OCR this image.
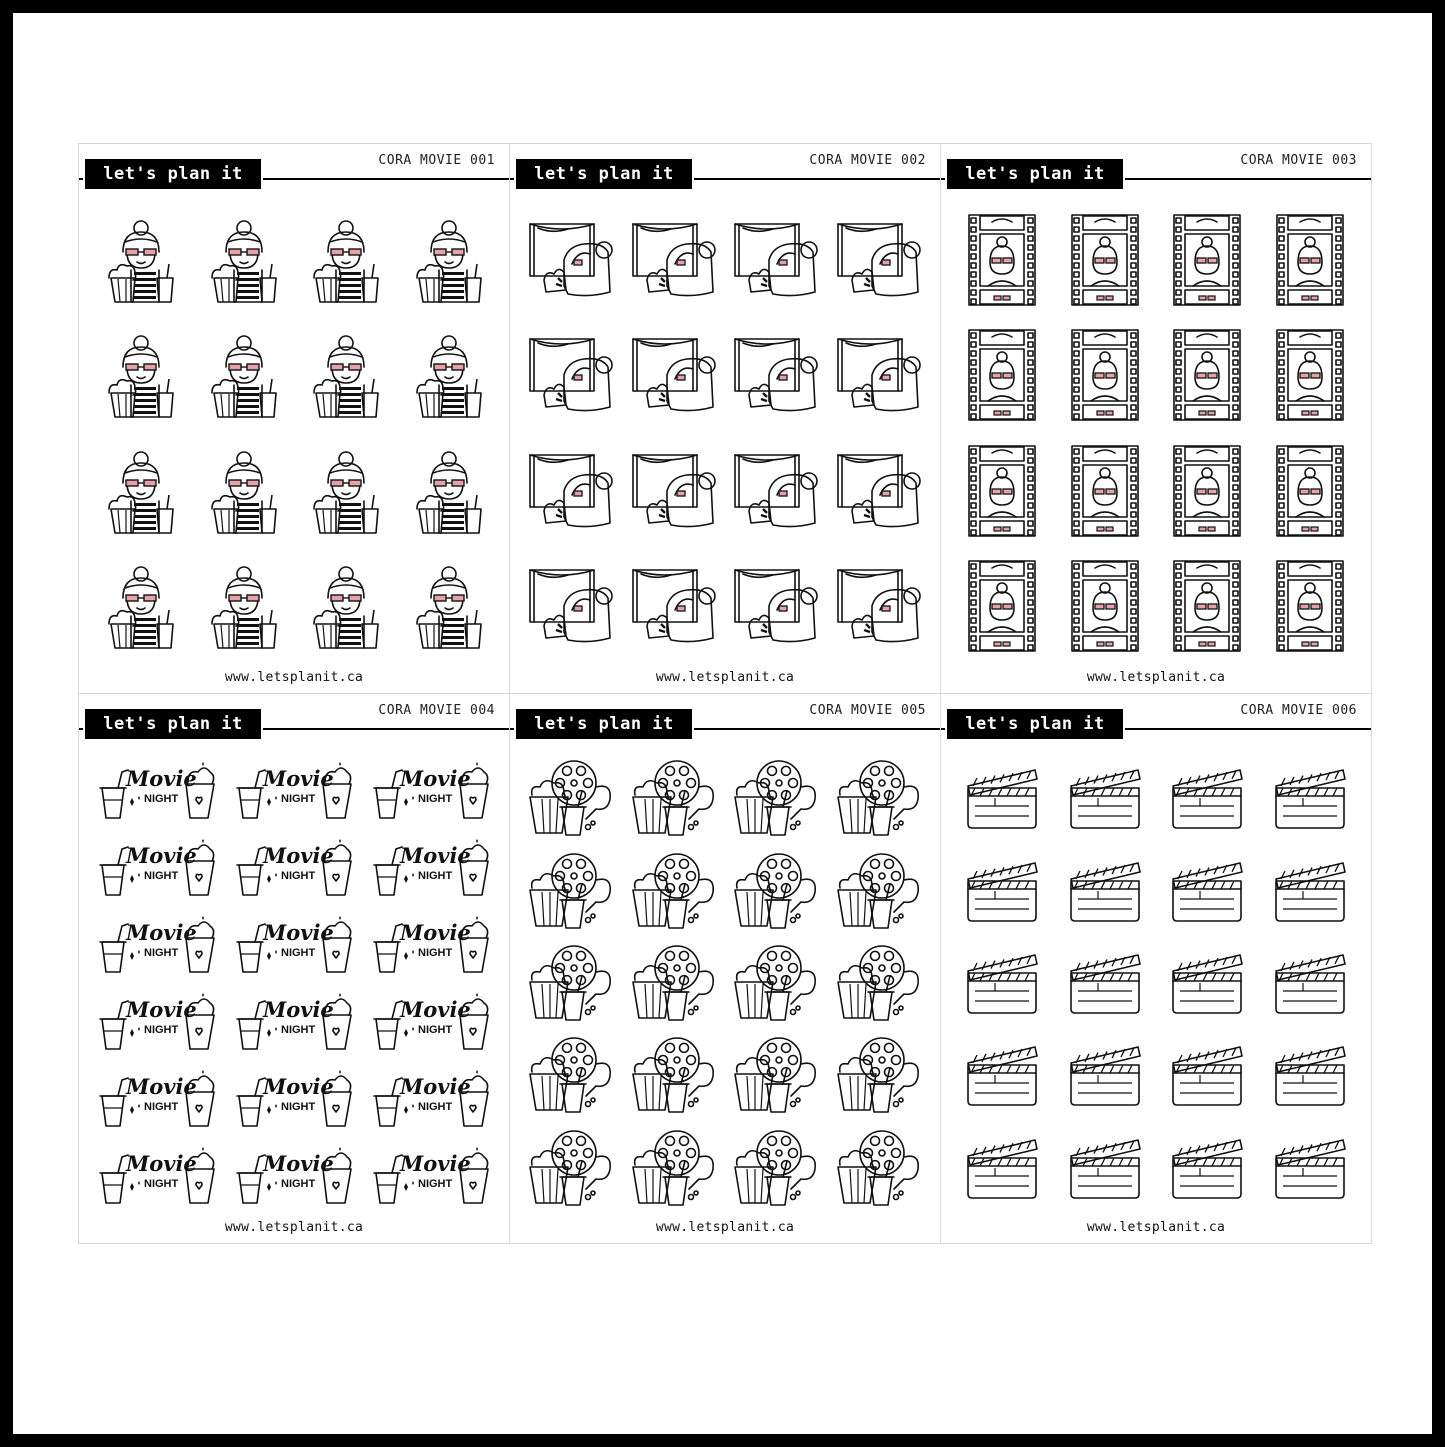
let's plan it
CORA MOVIE 001
www.letsplanit.ca
let's plan it
CORA MOVIE 002
www.letsplanit.ca
let's plan it
CORA MOVIE 003
www.letsplanit.ca
let's plan it
CORA MOVIE 004
Movie
NIGHT
Movie
NIGHT
Movie
NIGHT
Movie
NIGHT
Movie
NIGHT
Movie
NIGHT
Movie
NIGHT
Movie
NIGHT
Movie
NIGHT
Movie
NIGHT
Movie
NIGHT
Movie
NIGHT
Movie
NIGHT
Movie
NIGHT
Movie
NIGHT
Movie
NIGHT
Movie
NIGHT
Movie
NIGHT
www.letsplanit.ca
let's plan it
CORA MOVIE 005
www.letsplanit.ca
let's plan it
CORA MOVIE 006
www.letsplanit.ca
